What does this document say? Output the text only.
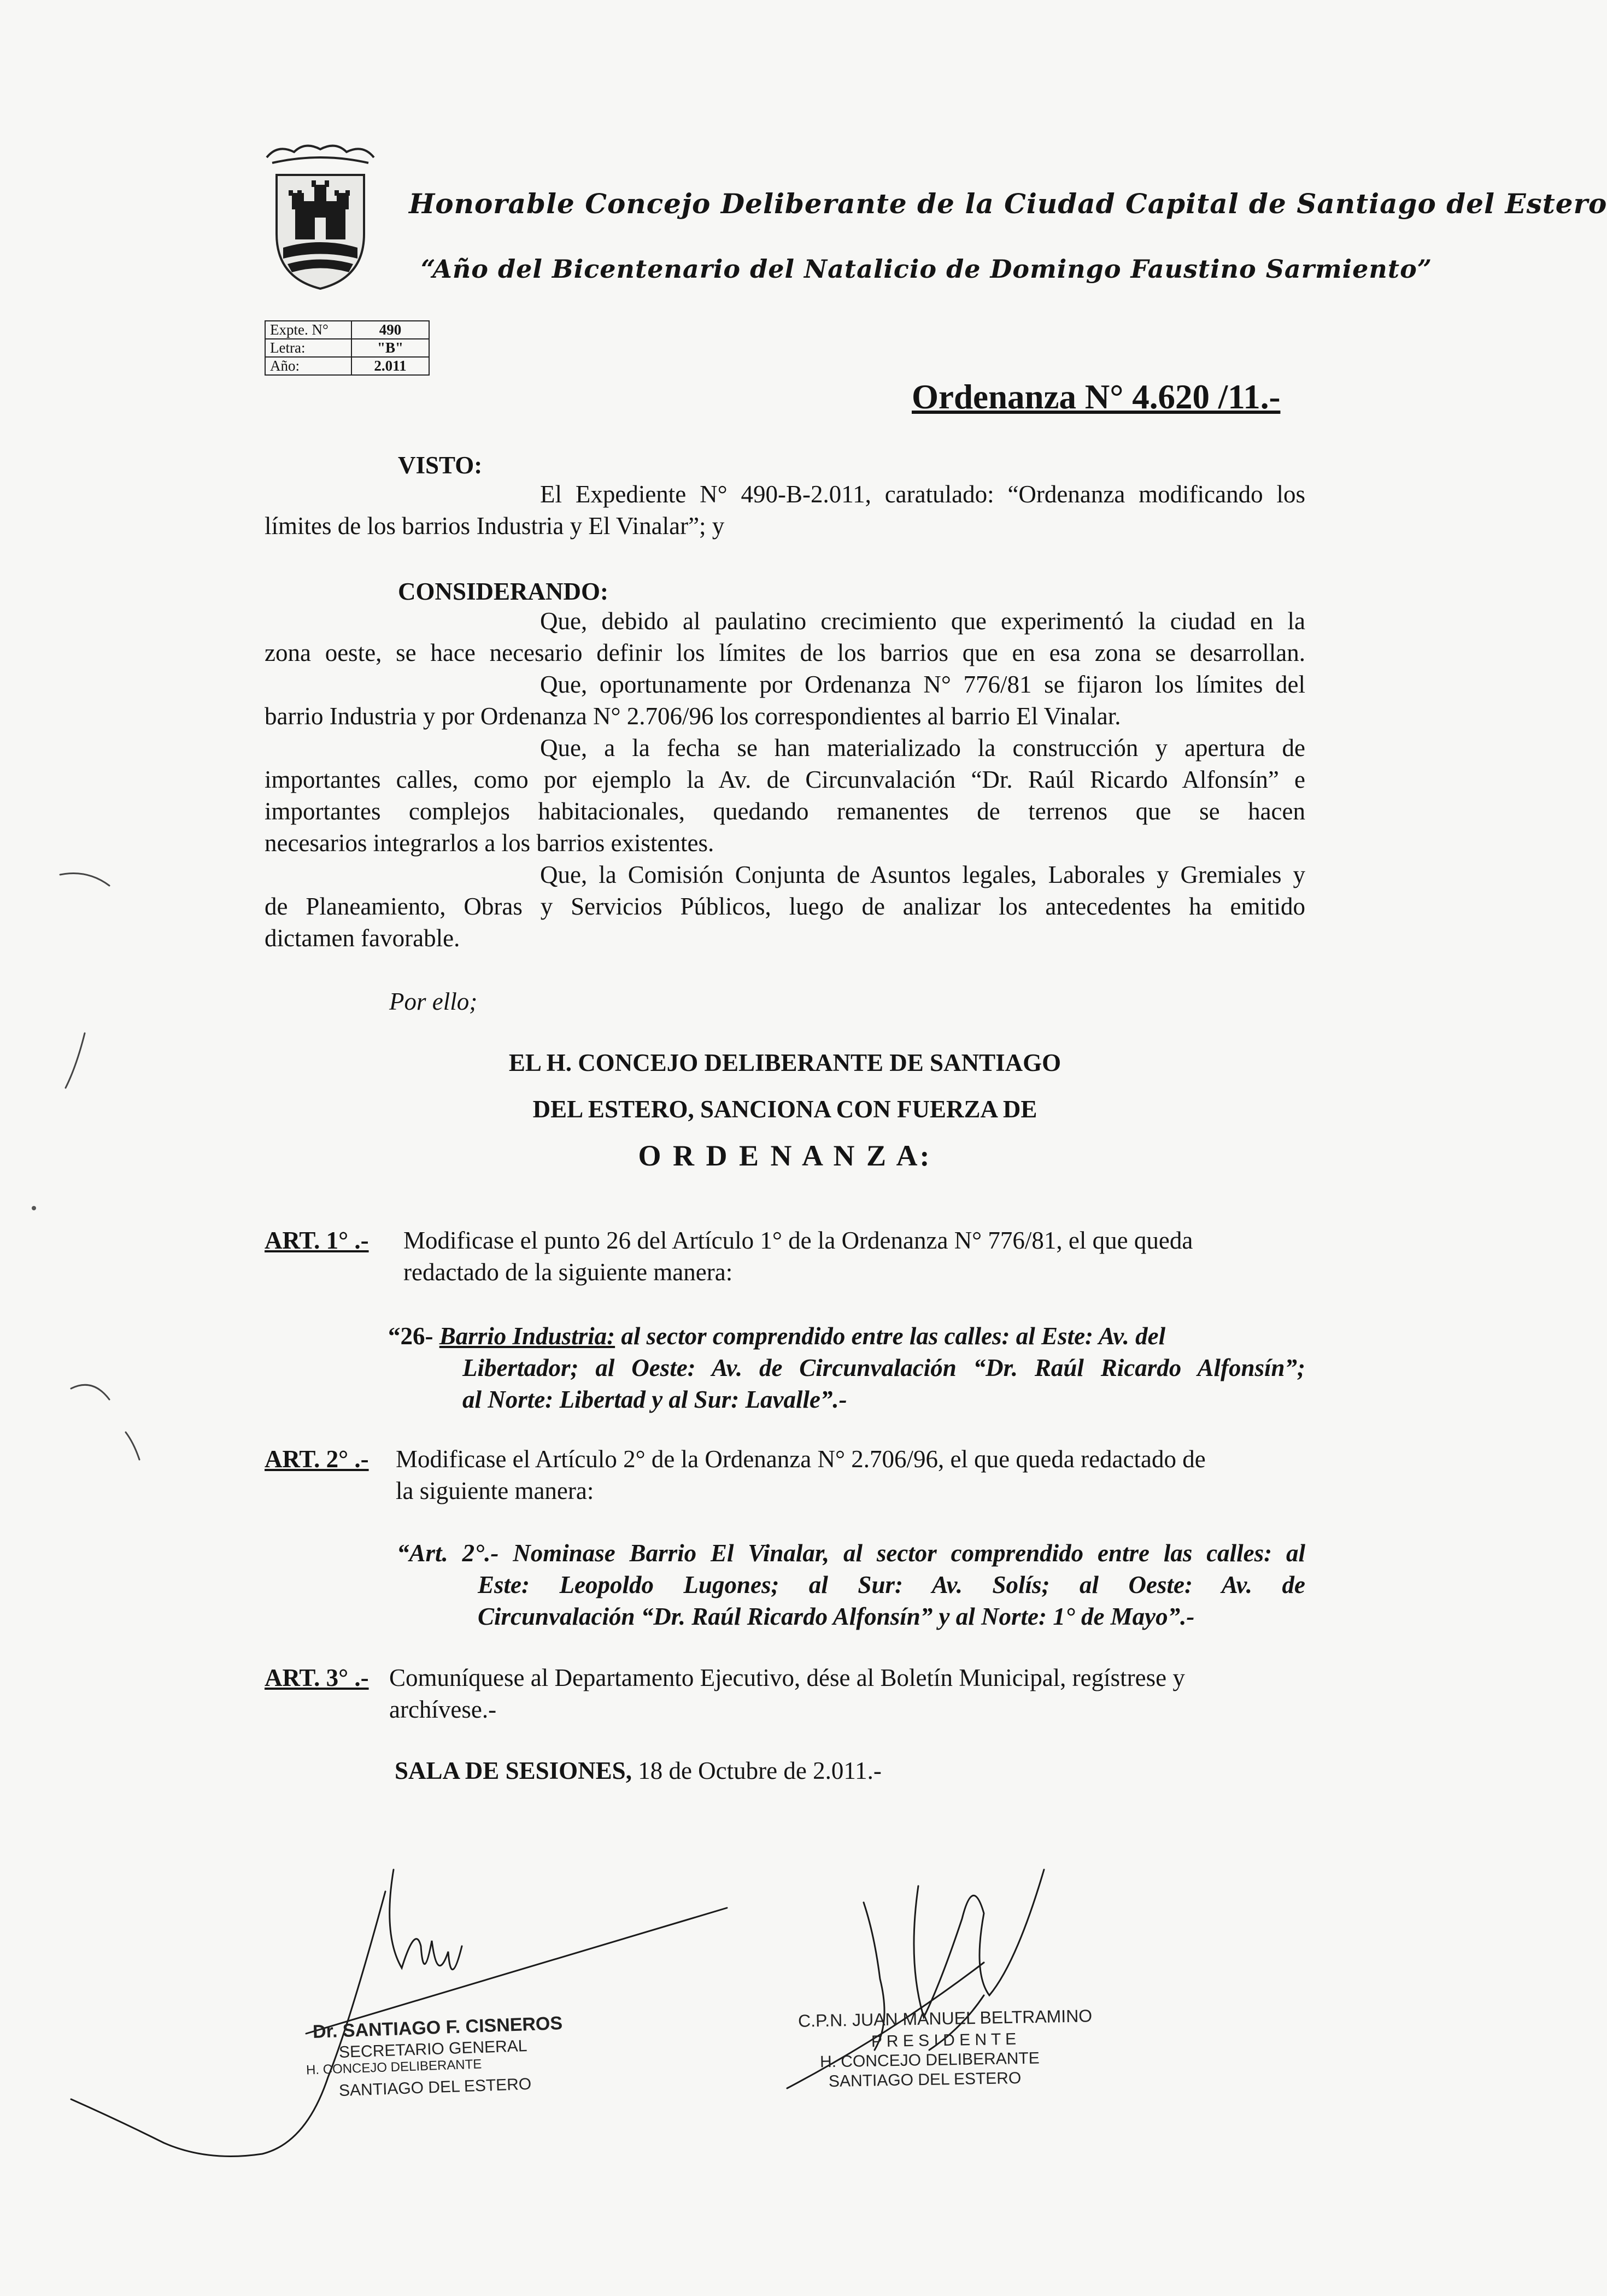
Honorable Concejo Deliberante de la Ciudad Capital de Santiago del Estero
“Año del Bicentenario del Natalicio de Domingo Faustino Sarmiento”
Expte. N°	490
Letra:	"B"
Año:	2.011
Ordenanza N° 4.620 /11.-
VISTO:
El Expediente N° 490-B-2.011, caratulado: “Ordenanza modificando los
límites de los barrios Industria y El Vinalar”; y
CONSIDERANDO:
Que, debido al paulatino crecimiento que experimentó la ciudad en la
zona oeste, se hace necesario definir los límites de los barrios que en esa zona se desarrollan.
Que, oportunamente por Ordenanza N° 776/81 se fijaron los límites del
barrio Industria y por Ordenanza N° 2.706/96 los correspondientes al barrio El Vinalar.
Que, a la fecha se han materializado la construcción y apertura de
importantes calles, como por ejemplo la Av. de Circunvalación “Dr. Raúl Ricardo Alfonsín” e
importantes complejos habitacionales, quedando remanentes de terrenos que se hacen
necesarios integrarlos a los barrios existentes.
Que, la Comisión Conjunta de Asuntos legales, Laborales y Gremiales y
de Planeamiento, Obras y Servicios Públicos, luego de analizar los antecedentes ha emitido
dictamen favorable.
Por ello;
EL H. CONCEJO DELIBERANTE DE SANTIAGO
DEL ESTERO, SANCIONA CON FUERZA DE
O R D E N A N Z A:
ART. 1° .- Modificase el punto 26 del Artículo 1° de la Ordenanza N° 776/81, el que queda
redactado de la siguiente manera:
“26- Barrio Industria: al sector comprendido entre las calles: al Este: Av. del
Libertador; al Oeste: Av. de Circunvalación “Dr. Raúl Ricardo Alfonsín”;
al Norte: Libertad y al Sur: Lavalle”.-
ART. 2° .- Modificase el Artículo 2° de la Ordenanza N° 2.706/96, el que queda redactado de
la siguiente manera:
“Art. 2°.- Nominase Barrio El Vinalar, al sector comprendido entre las calles: al
Este: Leopoldo Lugones; al Sur: Av. Solís; al Oeste: Av. de
Circunvalación “Dr. Raúl Ricardo Alfonsín” y al Norte: 1° de Mayo”.-
ART. 3° .- Comuníquese al Departamento Ejecutivo, dése al Boletín Municipal, regístrese y
archívese.-
SALA DE SESIONES, 18 de Octubre de 2.011.-
Dr. SANTIAGO F. CISNEROS
SECRETARIO GENERAL
H. CONCEJO DELIBERANTE
SANTIAGO DEL ESTERO
C.P.N. JUAN MANUEL BELTRAMINO
P R E S I D E N T E
H. CONCEJO DELIBERANTE
SANTIAGO DEL ESTERO
